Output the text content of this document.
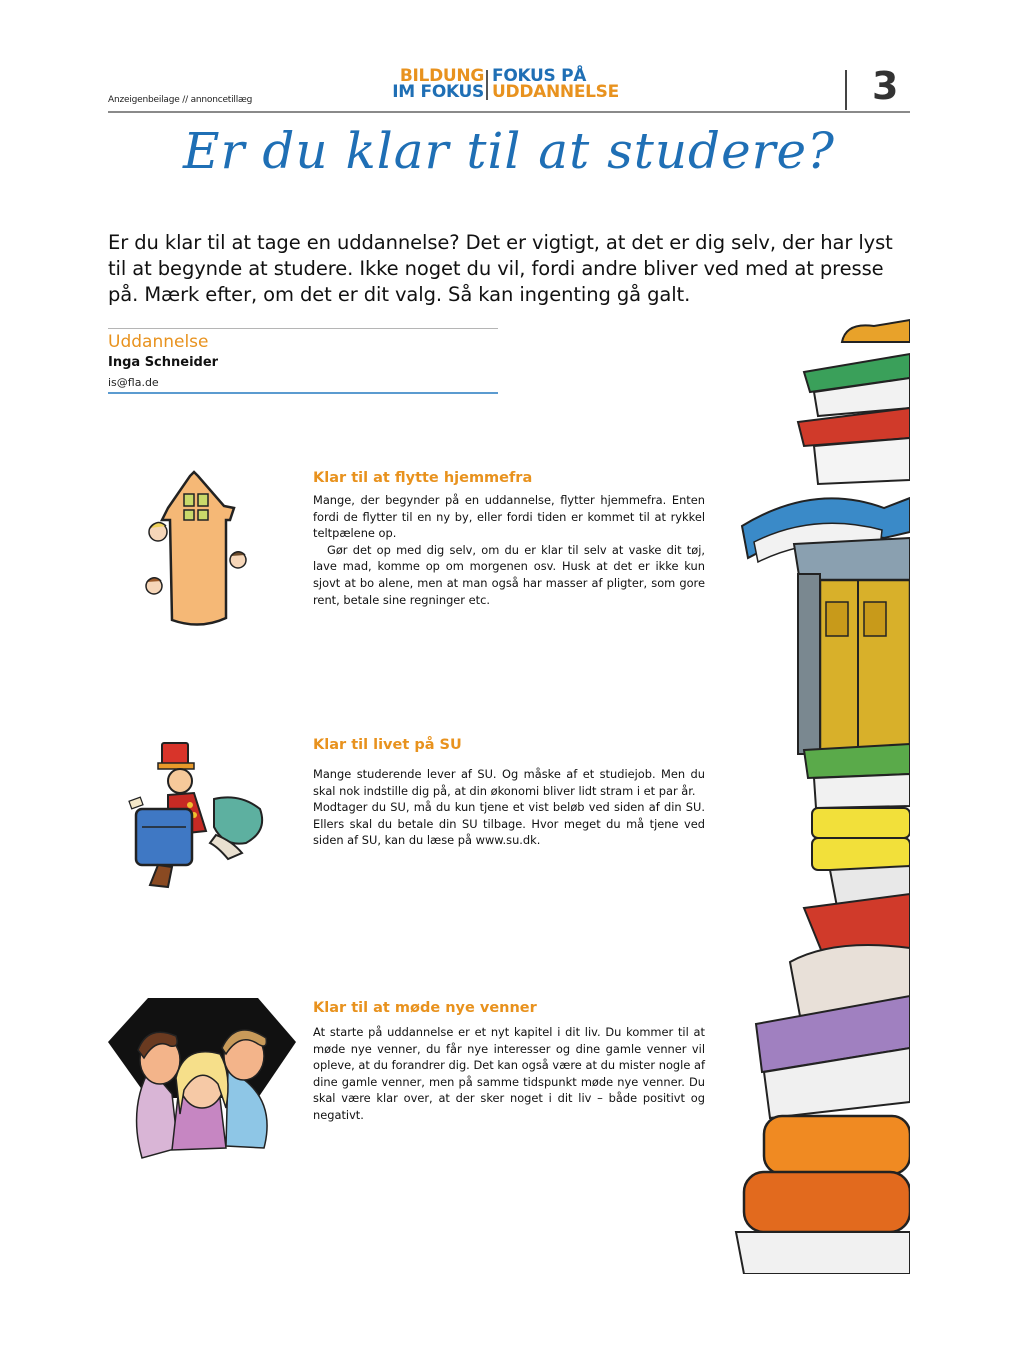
Anzeigenbeilage // annoncetillæg
BILDUNG
IM FOKUS
FOKUS PÅ
UDDANNELSE	3
Er du klar til at studere?
Er du klar til at tage en uddannelse? Det er vigtigt, at det er dig selv, der har lyst til at begynde at studere. Ikke noget du vil, fordi andre bliver ved med at presse på. Mærk efter, om det er dit valg. Så kan ingenting gå galt.
Uddannelse
Inga Schneider
is@fla.de
Klar til at flytte hjemmefra
Mange, der begynder på en uddannelse, flytter hjemmefra. Enten fordi de flytter til en ny by, eller fordi tiden er kommet til at rykkel teltpælene op.
Gør det op med dig selv, om du er klar til selv at vaske dit tøj, lave mad, komme op om morgenen osv. Husk at det er ikke kun sjovt at bo alene, men at man også har masser af pligter, som gore rent, betale sine regninger etc.
Klar til livet på SU
Mange studerende lever af SU. Og måske af et studiejob. Men du skal nok indstille dig på, at din økonomi bliver lidt stram i et par år.
Modtager du SU, må du kun tjene et vist beløb ved siden af din SU. Ellers skal du betale din SU tilbage. Hvor meget du må tjene ved siden af SU, kan du læse på www.su.dk.
Klar til at møde nye venner
At starte på uddannelse er et nyt kapitel i dit liv. Du kommer til at møde nye venner, du får nye interesser og dine gamle venner vil opleve, at du forandrer dig. Det kan også være at du mister nogle af dine gamle venner, men på samme tidspunkt møde nye venner. Du skal være klar over, at der sker noget i dit liv – både positivt og negativt.
